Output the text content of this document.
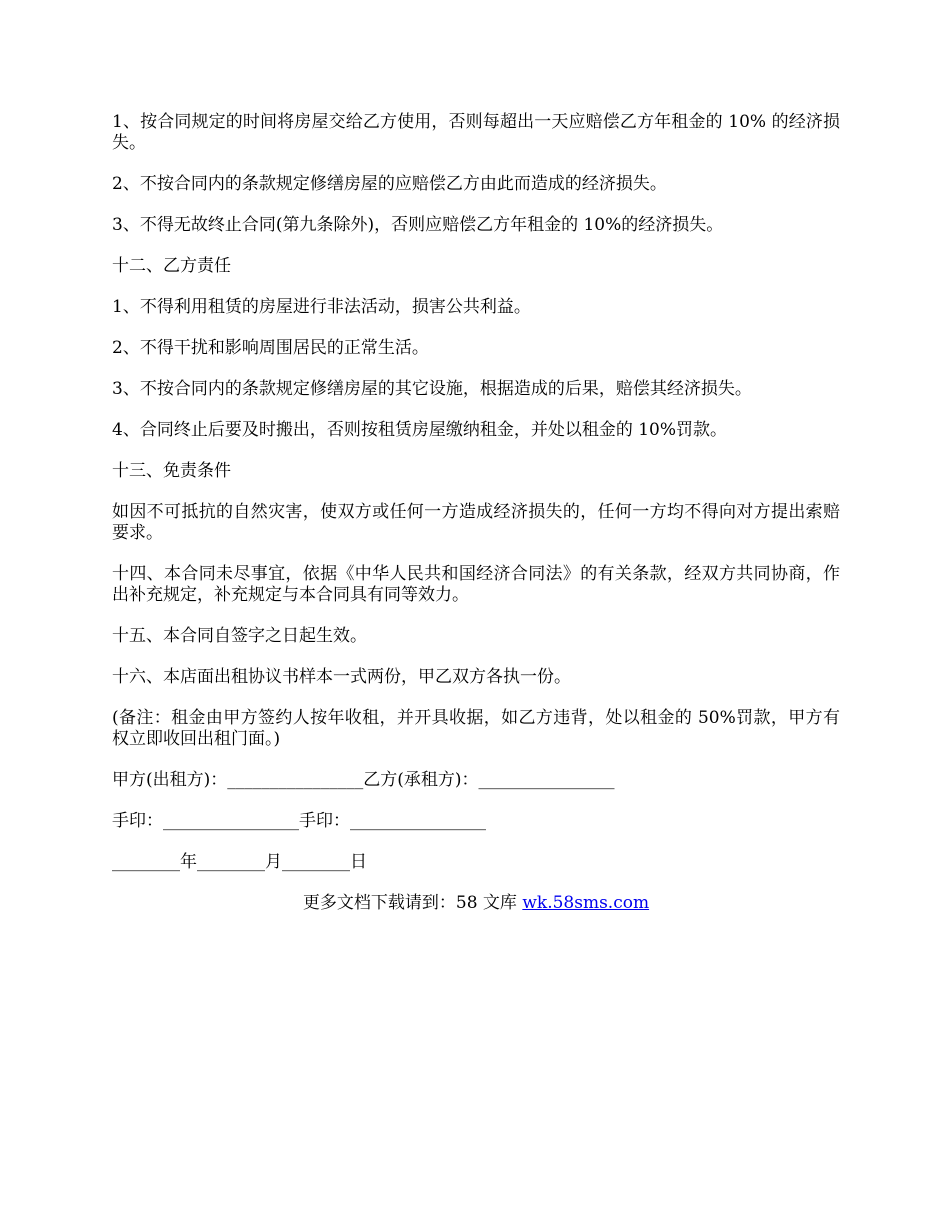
1、按合同规定的时间将房屋交给乙方使用，否则每超出一天应赔偿乙方年租金的 10% 的经济损失。

2、不按合同内的条款规定修缮房屋的应赔偿乙方由此而造成的经济损失。

3、不得无故终止合同(第九条除外)，否则应赔偿乙方年租金的 10%的经济损失。

十二、乙方责任

1、不得利用租赁的房屋进行非法活动，损害公共利益。

2、不得干扰和影响周围居民的正常生活。

3、不按合同内的条款规定修缮房屋的其它设施，根据造成的后果，赔偿其经济损失。

4、合同终止后要及时搬出，否则按租赁房屋缴纳租金，并处以租金的 10%罚款。

十三、免责条件

如因不可抵抗的自然灾害，使双方或任何一方造成经济损失的，任何一方均不得向对方提出索赔要求。

十四、本合同未尽事宜，依据《中华人民共和国经济合同法》的有关条款，经双方共同协商，作出补充规定，补充规定与本合同具有同等效力。

十五、本合同自签字之日起生效。

十六、本店面出租协议书样本一式两份，甲乙双方各执一份。

(备注：租金由甲方签约人按年收租，并开具收据，如乙方违背，处以租金的 50%罚款，甲方有权立即收回出租门面。)

甲方(出租方)：________________乙方(承租方)：________________

手印：________________手印：________________

________年________月________日

更多文档下载请到：58 文库 wk.58sms.com
